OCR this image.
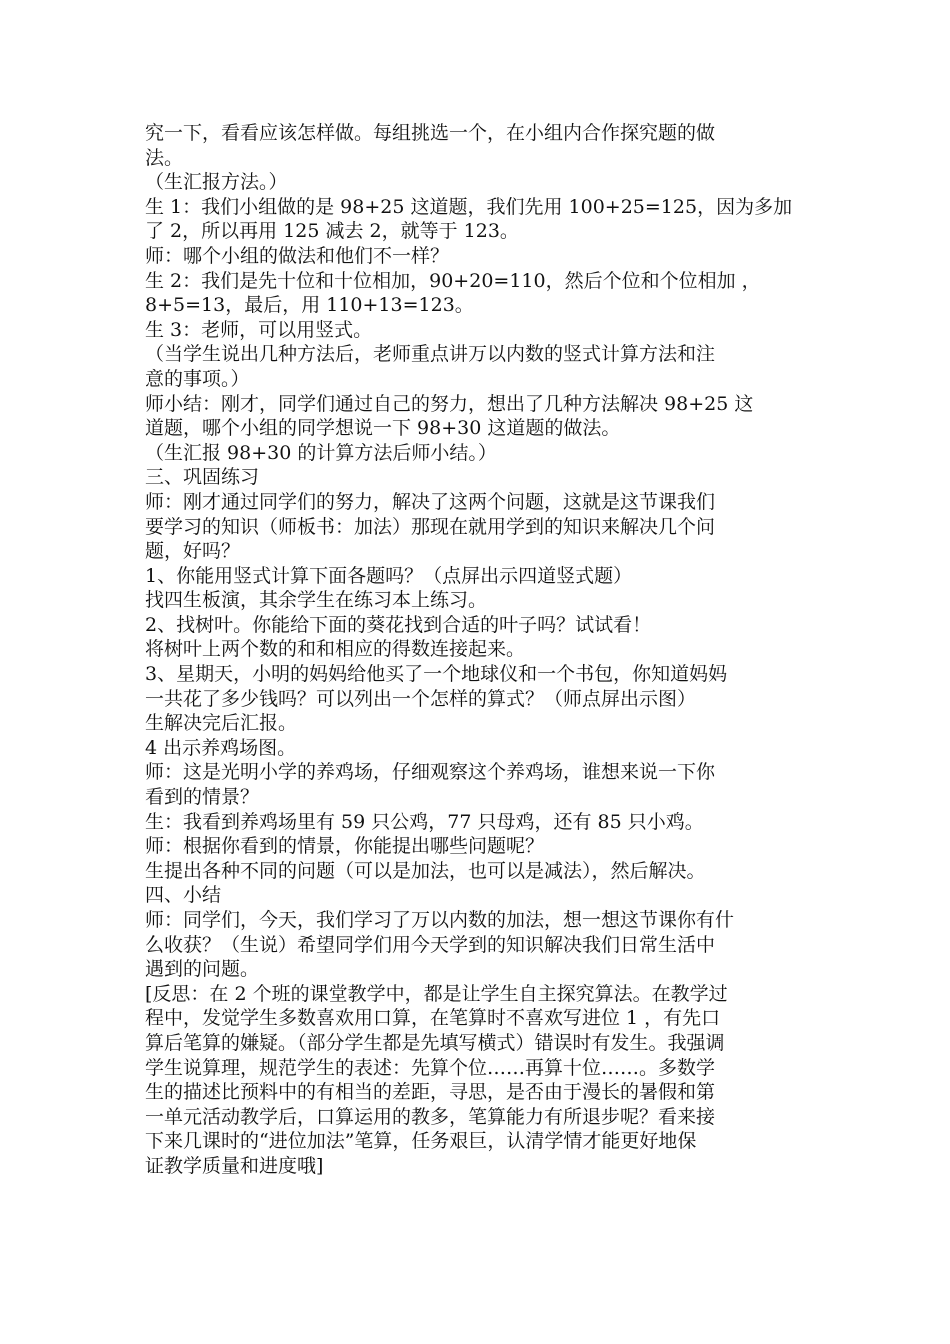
究一下，看看应该怎样做。每组挑选一个，在小组内合作探究题的做
法。
（生汇报方法。）
生 1：我们小组做的是 98+25 这道题，我们先用 100+25=125，因为多加
了 2，所以再用 125 减去 2，就等于 123。
师：哪个小组的做法和他们不一样？
生 2：我们是先十位和十位相加，90+20=110，然后个位和个位相加 ，
8+5=13，最后，用 110+13=123。
生 3：老师，可以用竖式。
（当学生说出几种方法后，老师重点讲万以内数的竖式计算方法和注
意的事项。）
师小结：刚才，同学们通过自己的努力，想出了几种方法解决 98+25 这
道题，哪个小组的同学想说一下 98+30 这道题的做法。
（生汇报 98+30 的计算方法后师小结。）
三、巩固练习
师：刚才通过同学们的努力，解决了这两个问题，这就是这节课我们
要学习的知识（师板书：加法）那现在就用学到的知识来解决几个问
题，好吗？
1、你能用竖式计算下面各题吗？（点屏出示四道竖式题）
找四生板演，其余学生在练习本上练习。
2、找树叶。你能给下面的葵花找到合适的叶子吗？试试看！
将树叶上两个数的和和相应的得数连接起来。
3、星期天，小明的妈妈给他买了一个地球仪和一个书包，你知道妈妈
一共花了多少钱吗？可以列出一个怎样的算式？（师点屏出示图）
生解决完后汇报。
4 出示养鸡场图。
师：这是光明小学的养鸡场，仔细观察这个养鸡场，谁想来说一下你
看到的情景？
生：我看到养鸡场里有 59 只公鸡，77 只母鸡，还有 85 只小鸡。
师：根据你看到的情景，你能提出哪些问题呢？
生提出各种不同的问题（可以是加法，也可以是减法），然后解决。
四、小结
师：同学们，今天，我们学习了万以内数的加法，想一想这节课你有什
么收获？（生说）希望同学们用今天学到的知识解决我们日常生活中
遇到的问题。
[反思：在 2 个班的课堂教学中，都是让学生自主探究算法。在教学过
程中，发觉学生多数喜欢用口算，在笔算时不喜欢写进位 1 ，有先口
算后笔算的嫌疑。（部分学生都是先填写横式）错误时有发生。我强调
学生说算理，规范学生的表述：先算个位……再算十位……。多数学
生的描述比预料中的有相当的差距，寻思，是否由于漫长的暑假和第
一单元活动教学后，口算运用的教多，笔算能力有所退步呢？看来接
下来几课时的“进位加法”笔算，任务艰巨，认清学情才能更好地保
证教学质量和进度哦]
